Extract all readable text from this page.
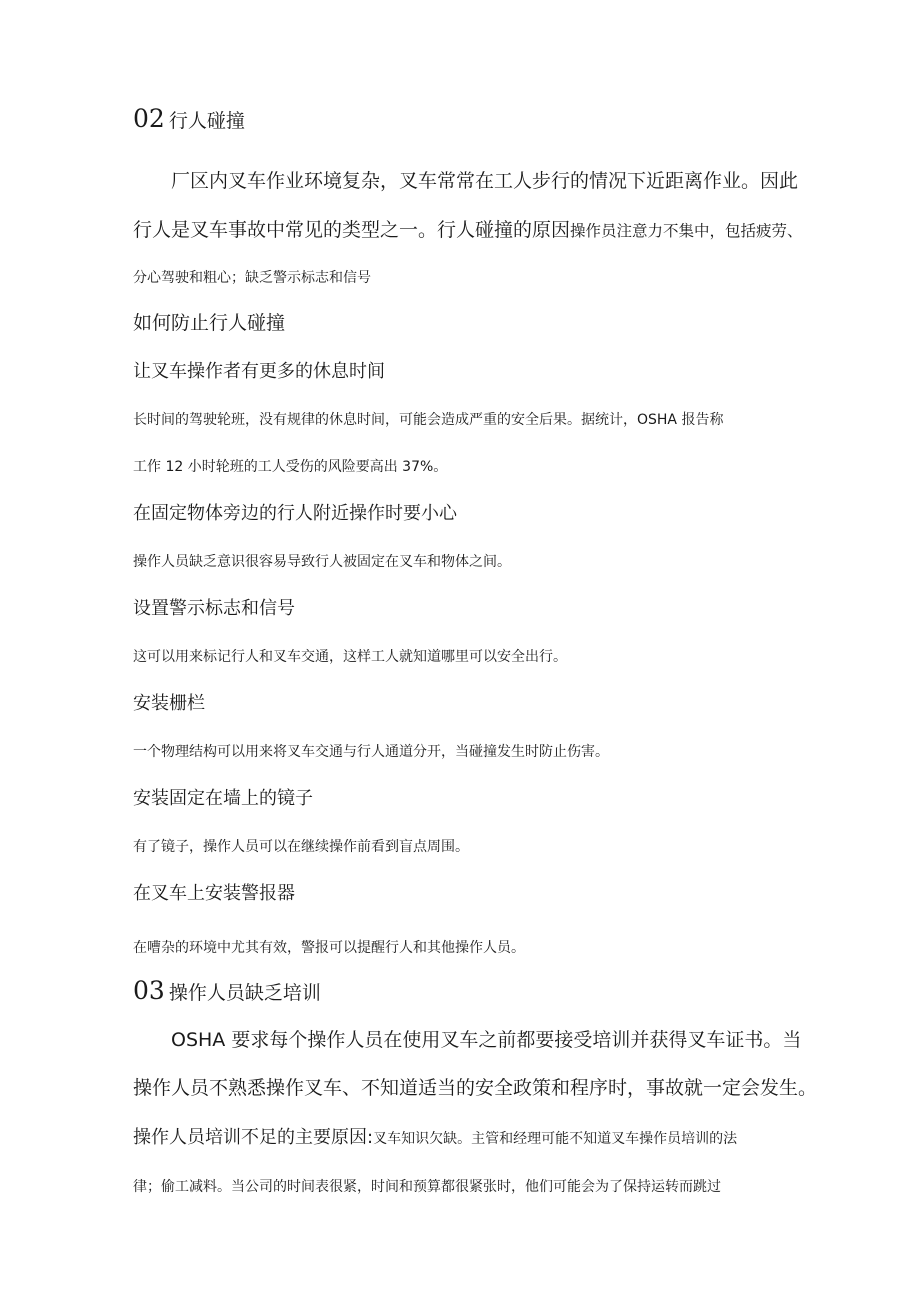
02 行人碰撞
厂区内叉车作业环境复杂，叉车常常在工人步行的情况下近距离作业。因此
行人是叉车事故中常见的类型之一。行人碰撞的原因操作员注意力不集中，包括疲劳、
分心驾驶和粗心；缺乏警示标志和信号
如何防止行人碰撞
让叉车操作者有更多的休息时间
长时间的驾驶轮班，没有规律的休息时间，可能会造成严重的安全后果。据统计，OSHA 报告称
工作 12 小时轮班的工人受伤的风险要高出 37%。
在固定物体旁边的行人附近操作时要小心
操作人员缺乏意识很容易导致行人被固定在叉车和物体之间。
设置警示标志和信号
这可以用来标记行人和叉车交通，这样工人就知道哪里可以安全出行。
安装栅栏
一个物理结构可以用来将叉车交通与行人通道分开，当碰撞发生时防止伤害。
安装固定在墙上的镜子
有了镜子，操作人员可以在继续操作前看到盲点周围。
在叉车上安装警报器
在嘈杂的环境中尤其有效，警报可以提醒行人和其他操作人员。
03 操作人员缺乏培训
OSHA 要求每个操作人员在使用叉车之前都要接受培训并获得叉车证书。当
操作人员不熟悉操作叉车、不知道适当的安全政策和程序时，事故就一定会发生。
操作人员培训不足的主要原因:叉车知识欠缺。主管和经理可能不知道叉车操作员培训的法
律；偷工减料。当公司的时间表很紧，时间和预算都很紧张时，他们可能会为了保持运转而跳过
